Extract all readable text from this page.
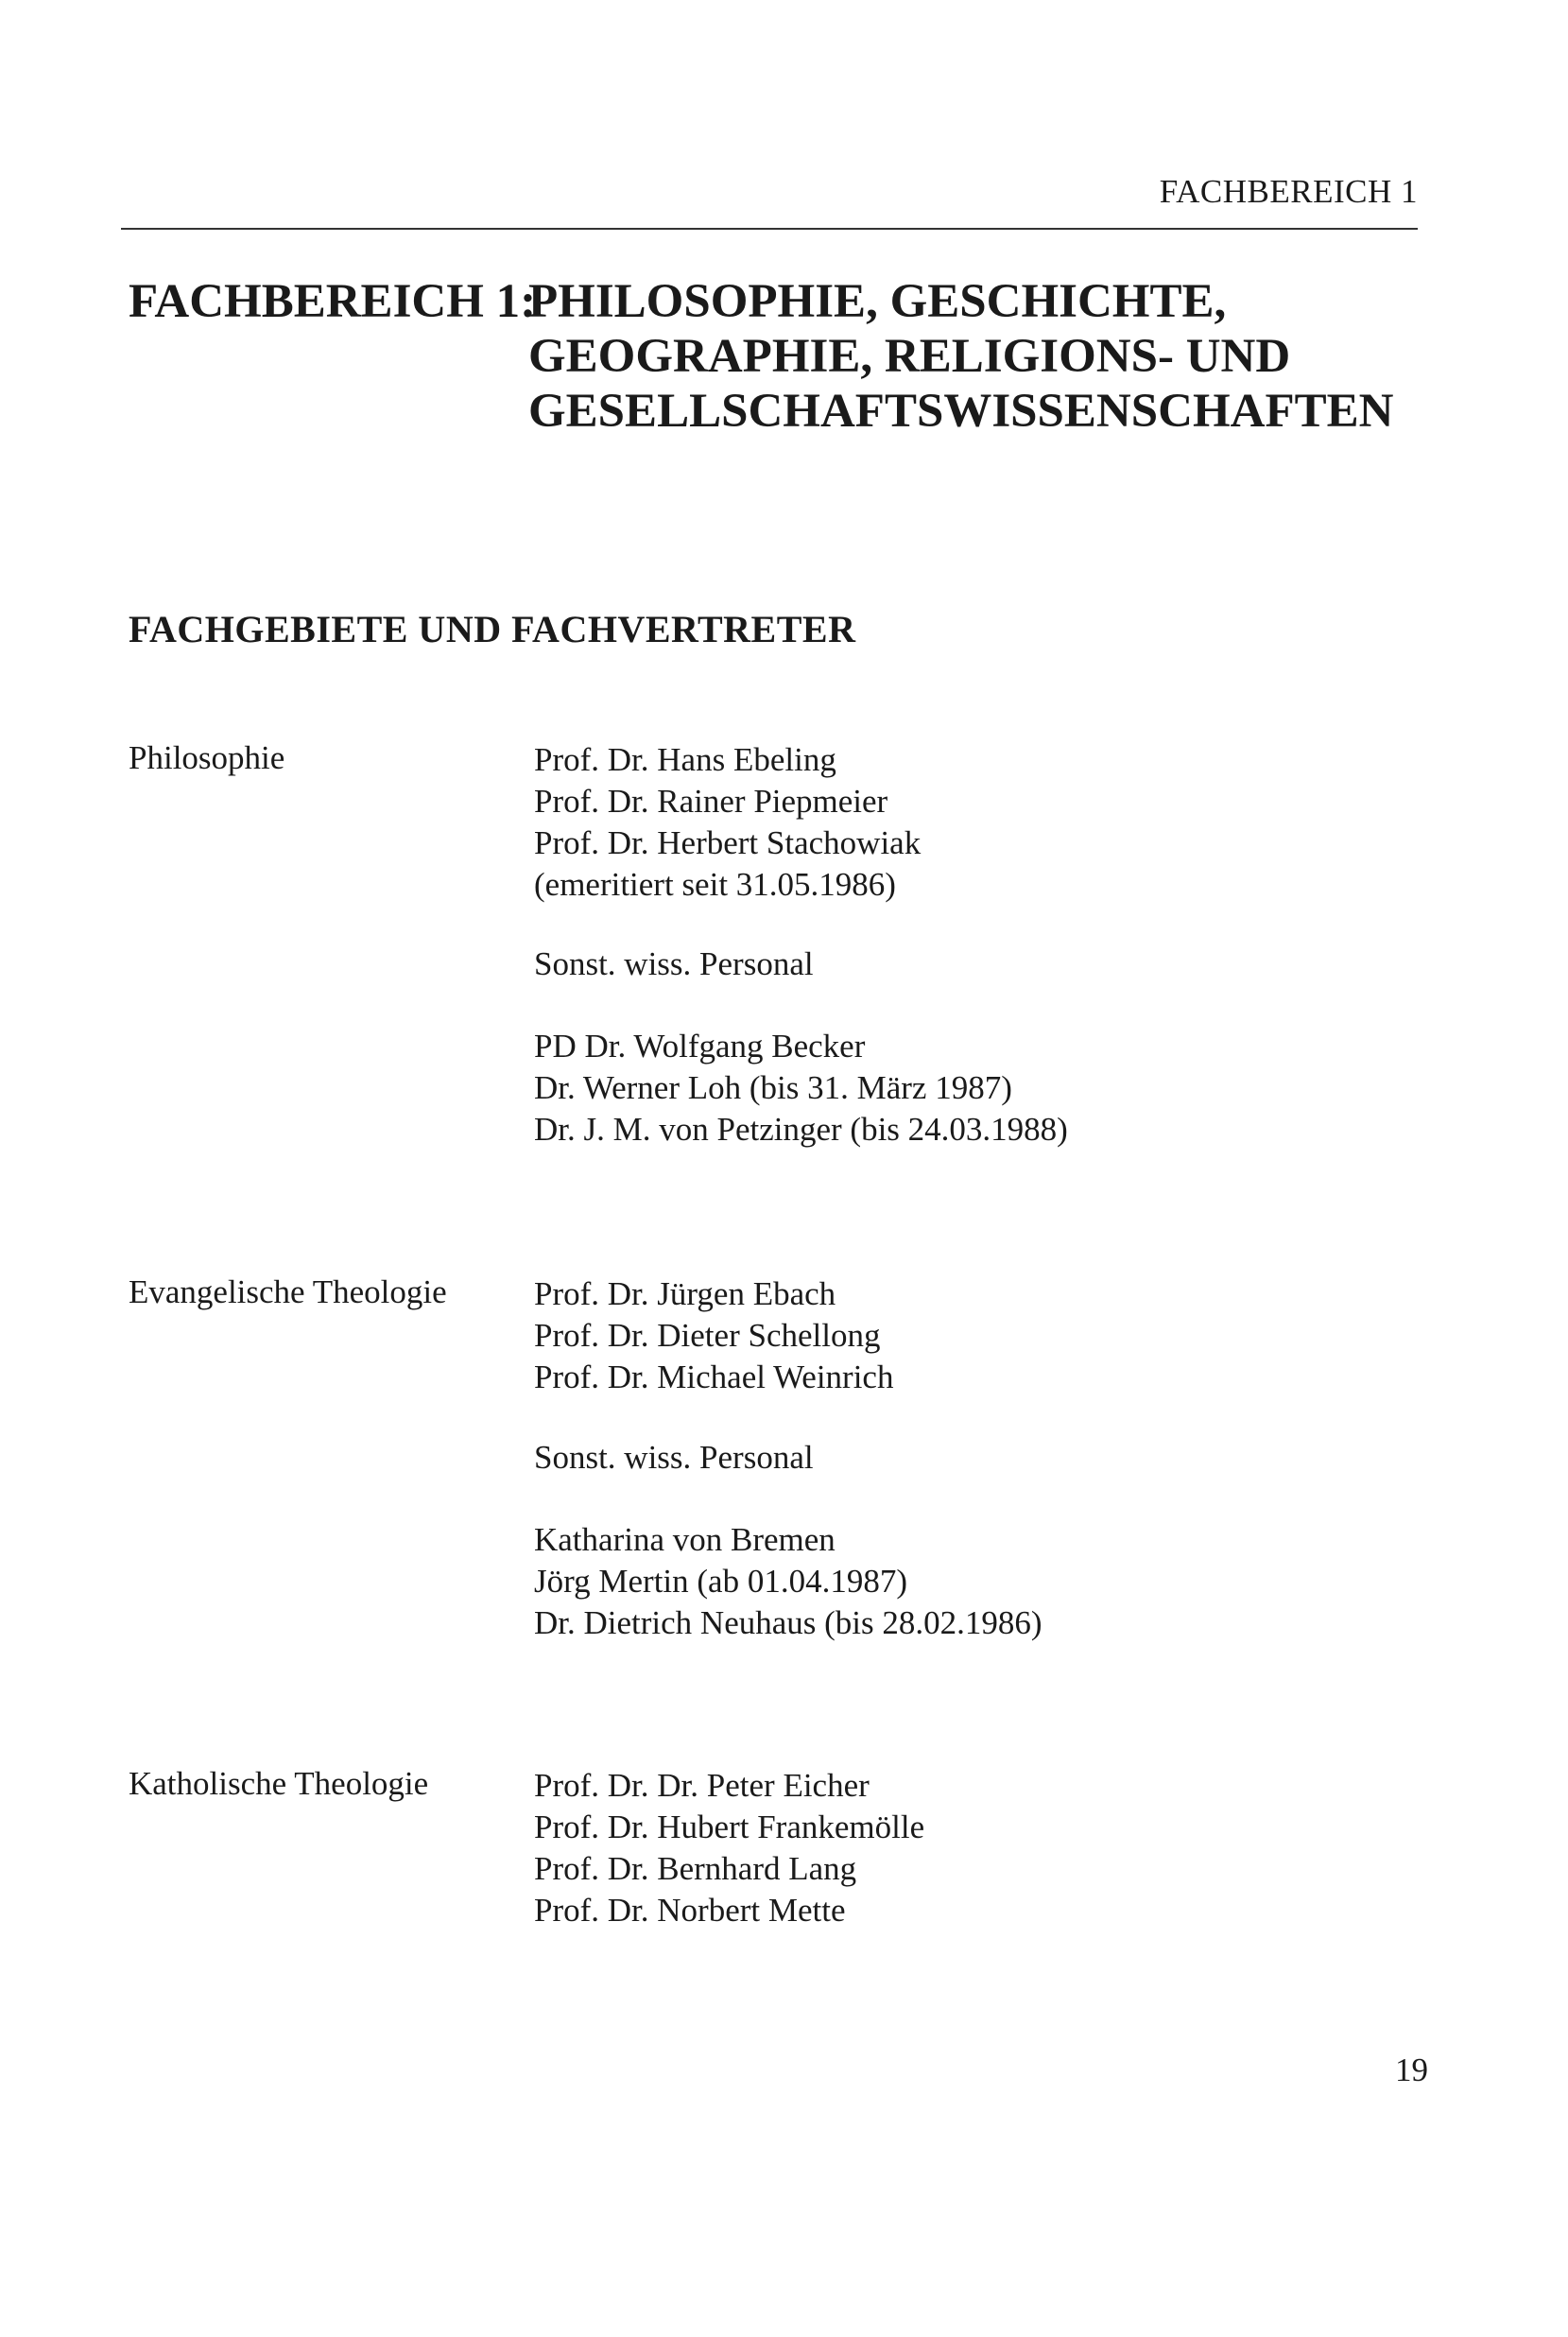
FACHBEREICH 1
FACHBEREICH 1:
PHILOSOPHIE, GESCHICHTE,
GEOGRAPHIE, RELIGIONS- UND
GESELLSCHAFTSWISSENSCHAFTEN
FACHGEBIETE UND FACHVERTRETER
Philosophie	Prof. Dr. Hans Ebeling
Prof. Dr. Rainer Piepmeier
Prof. Dr. Herbert Stachowiak
(emeritiert seit 31.05.1986)
Sonst. wiss. Personal
PD Dr. Wolfgang Becker
Dr. Werner Loh (bis 31. März 1987)
Dr. J. M. von Petzinger (bis 24.03.1988)
Evangelische Theologie	Prof. Dr. Jürgen Ebach
Prof. Dr. Dieter Schellong
Prof. Dr. Michael Weinrich
Sonst. wiss. Personal
Katharina von Bremen
Jörg Mertin (ab 01.04.1987)
Dr. Dietrich Neuhaus (bis 28.02.1986)
Katholische Theologie	Prof. Dr. Dr. Peter Eicher
Prof. Dr. Hubert Frankemölle
Prof. Dr. Bernhard Lang
Prof. Dr. Norbert Mette
19
